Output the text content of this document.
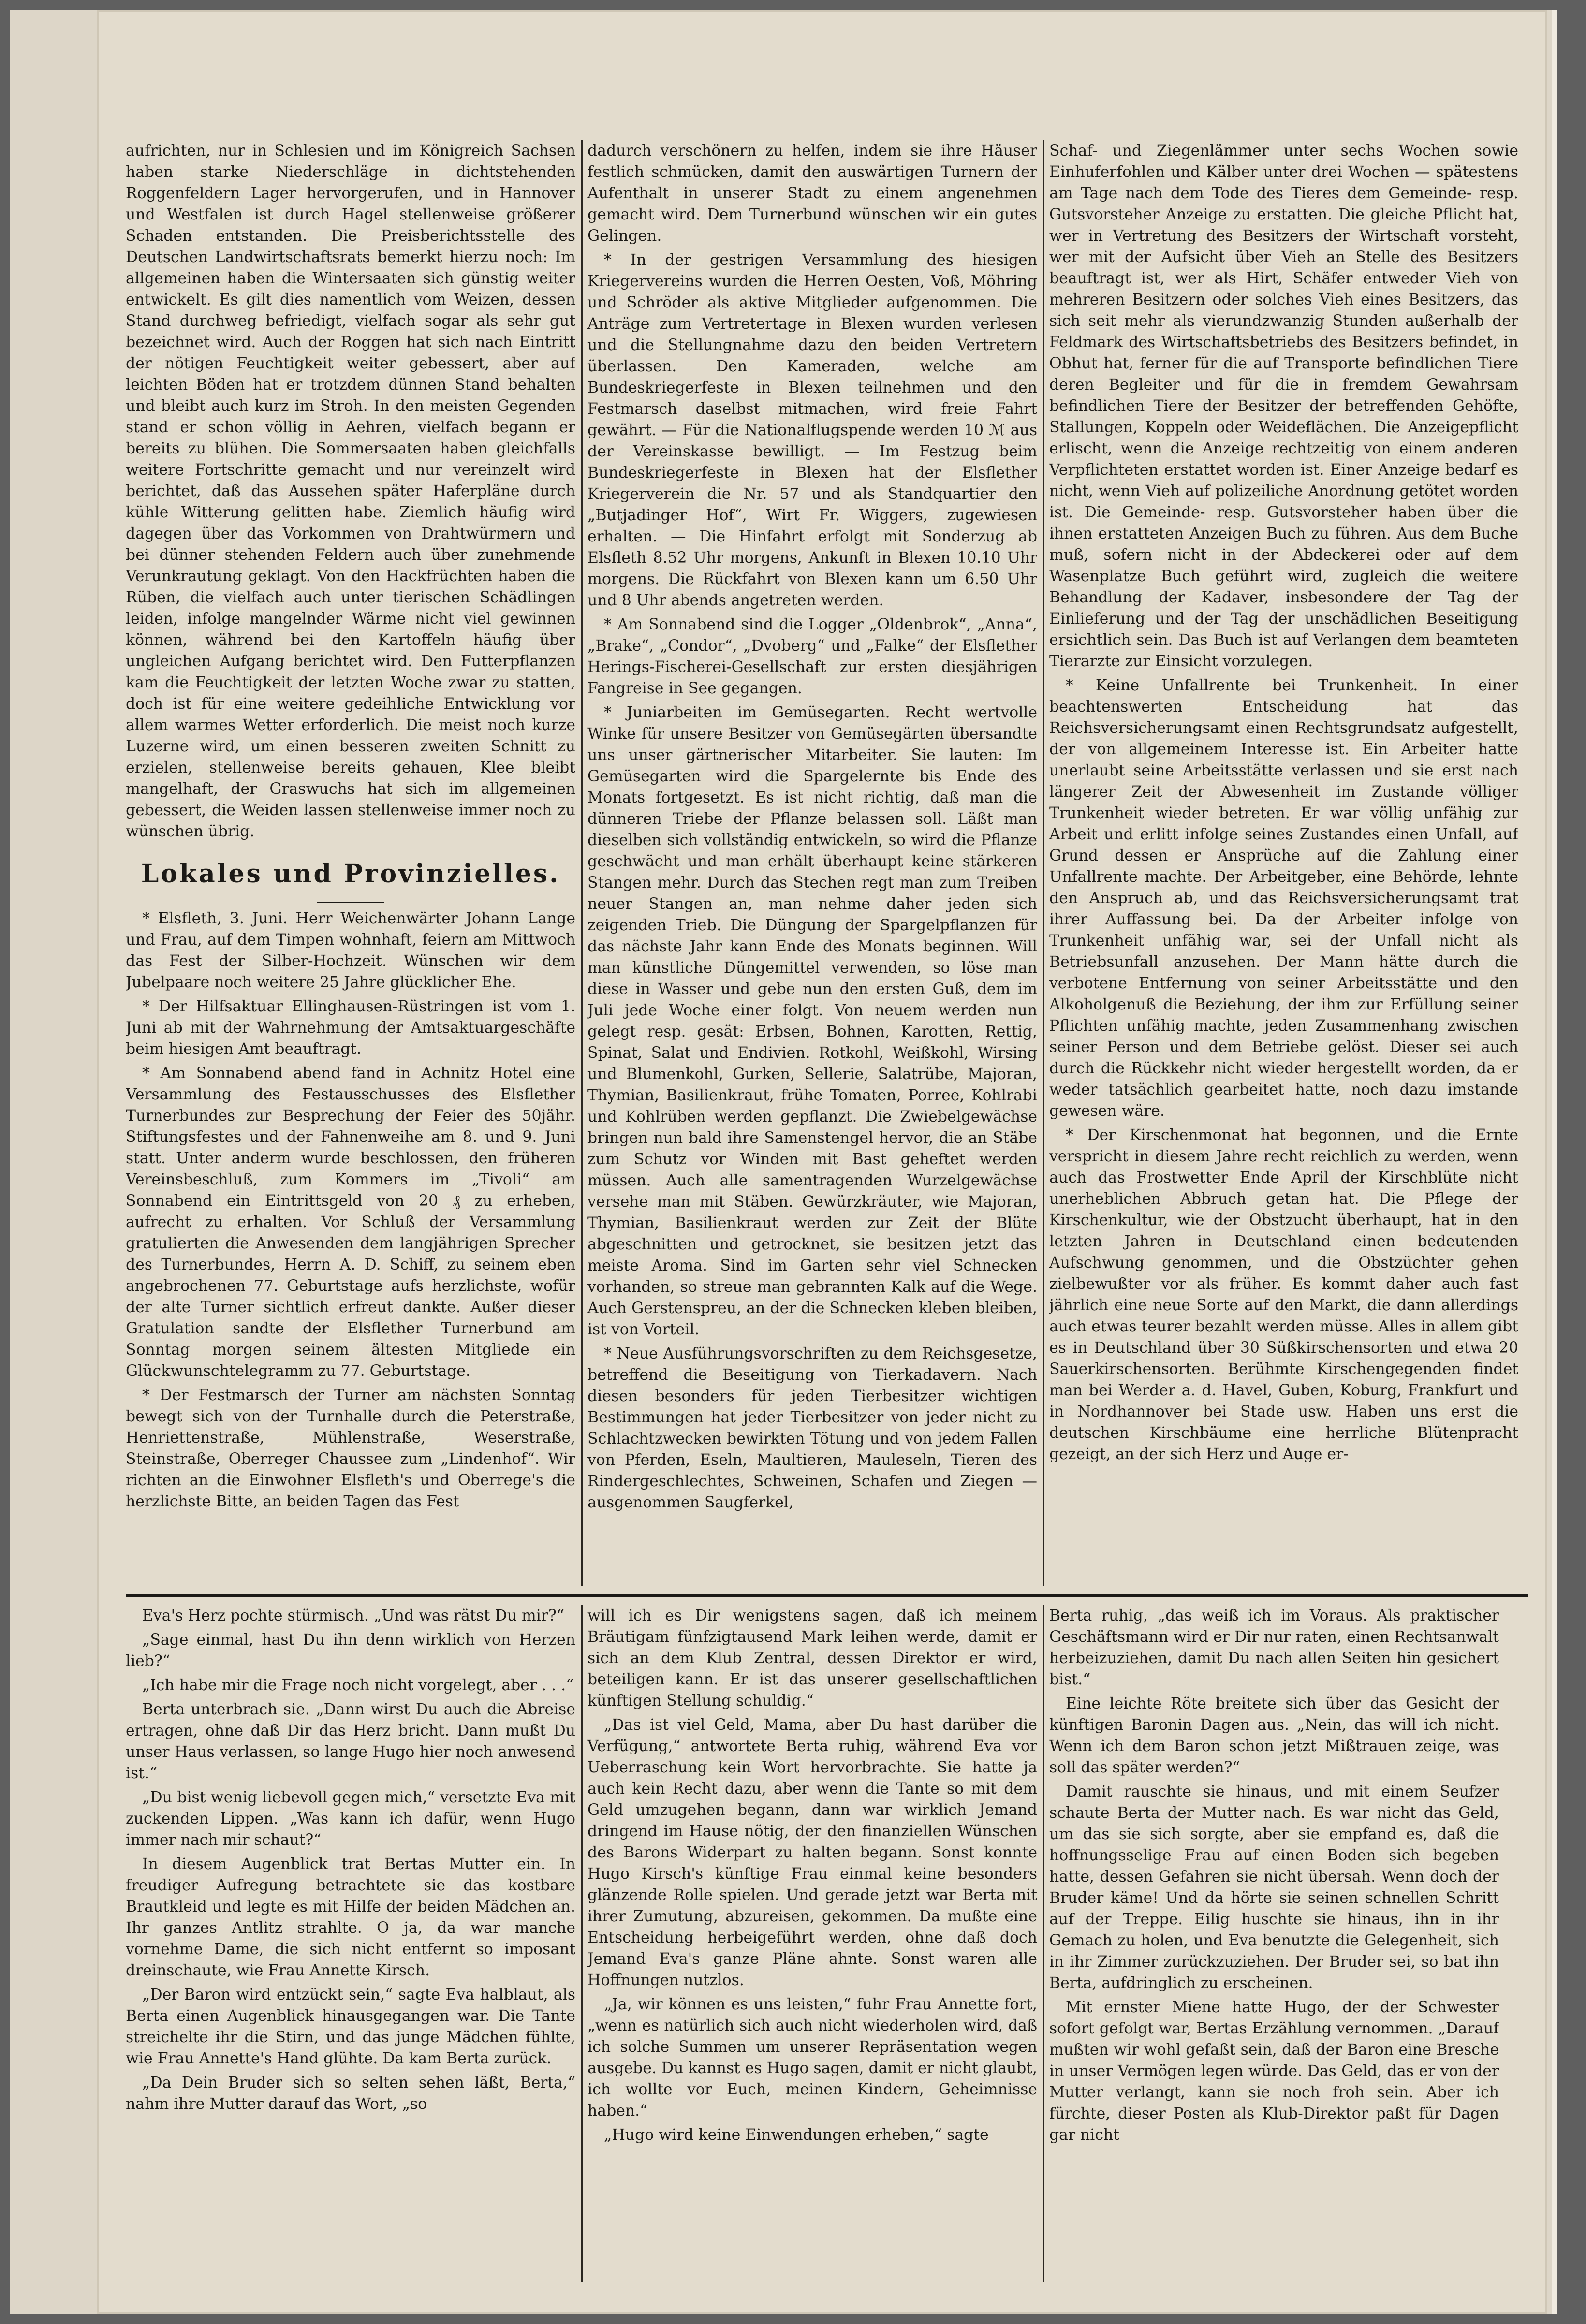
aufrichten, nur in Schlesien und im Königreich Sachsen haben starke Niederschläge in dichtstehenden Roggenfeldern Lager hervorgerufen, und in Hannover und Westfalen ist durch Hagel stellenweise größerer Schaden entstanden. Die Preisberichtsstelle des Deutschen Landwirtschaftsrats bemerkt hierzu noch: Im allgemeinen haben die Wintersaaten sich günstig weiter entwickelt. Es gilt dies namentlich vom Weizen, dessen Stand durchweg befriedigt, vielfach sogar als sehr gut bezeichnet wird. Auch der Roggen hat sich nach Eintritt der nötigen Feuchtigkeit weiter gebessert, aber auf leichten Böden hat er trotzdem dünnen Stand behalten und bleibt auch kurz im Stroh. In den meisten Gegenden stand er schon völlig in Aehren, vielfach begann er bereits zu blühen. Die Sommersaaten haben gleichfalls weitere Fortschritte gemacht und nur vereinzelt wird berichtet, daß das Aussehen später Haferpläne durch kühle Witterung gelitten habe. Ziemlich häufig wird dagegen über das Vorkommen von Drahtwürmern und bei dünner stehenden Feldern auch über zunehmende Verunkrautung geklagt. Von den Hackfrüchten haben die Rüben, die vielfach auch unter tierischen Schädlingen leiden, infolge mangelnder Wärme nicht viel gewinnen können, während bei den Kartoffeln häufig über ungleichen Aufgang berichtet wird. Den Futterpflanzen kam die Feuchtigkeit der letzten Woche zwar zu statten, doch ist für eine weitere gedeihliche Entwicklung vor allem warmes Wetter erforderlich. Die meist noch kurze Luzerne wird, um einen besseren zweiten Schnitt zu erzielen, stellenweise bereits gehauen, Klee bleibt mangelhaft, der Graswuchs hat sich im allgemeinen gebessert, die Weiden lassen stellenweise immer noch zu wünschen übrig.

Lokales und Provinzielles.

* Elsfleth, 3. Juni. Herr Weichenwärter Johann Lange und Frau, auf dem Timpen wohnhaft, feiern am Mittwoch das Fest der Silber-Hochzeit. Wünschen wir dem Jubelpaare noch weitere 25 Jahre glücklicher Ehe.

* Der Hilfsaktuar Ellinghausen-Rüstringen ist vom 1. Juni ab mit der Wahrnehmung der Amtsaktuargeschäfte beim hiesigen Amt beauftragt.

* Am Sonnabend abend fand in Achnitz Hotel eine Versammlung des Festausschusses des Elsflether Turnerbundes zur Besprechung der Feier des 50jähr. Stiftungsfestes und der Fahnenweihe am 8. und 9. Juni statt. Unter anderm wurde beschlossen, den früheren Vereinsbeschluß, zum Kommers im „Tivoli“ am Sonnabend ein Eintrittsgeld von 20 ₰ zu erheben, aufrecht zu erhalten. Vor Schluß der Versammlung gratulierten die Anwesenden dem langjährigen Sprecher des Turnerbundes, Herrn A. D. Schiff, zu seinem eben angebrochenen 77. Geburtstage aufs herzlichste, wofür der alte Turner sichtlich erfreut dankte. Außer dieser Gratulation sandte der Elsflether Turnerbund am Sonntag morgen seinem ältesten Mitgliede ein Glückwunschtelegramm zu 77. Geburtstage.

* Der Festmarsch der Turner am nächsten Sonntag bewegt sich von der Turnhalle durch die Peterstraße, Henriettenstraße, Mühlenstraße, Weserstraße, Steinstraße, Oberreger Chaussee zum „Lindenhof“. Wir richten an die Einwohner Elsfleth's und Oberrege's die herzlichste Bitte, an beiden Tagen das Fest

dadurch verschönern zu helfen, indem sie ihre Häuser festlich schmücken, damit den auswärtigen Turnern der Aufenthalt in unserer Stadt zu einem angenehmen gemacht wird. Dem Turnerbund wünschen wir ein gutes Gelingen.

* In der gestrigen Versammlung des hiesigen Kriegervereins wurden die Herren Oesten, Voß, Möhring und Schröder als aktive Mitglieder aufgenommen. Die Anträge zum Vertretertage in Blexen wurden verlesen und die Stellungnahme dazu den beiden Vertretern überlassen. Den Kameraden, welche am Bundeskriegerfeste in Blexen teilnehmen und den Festmarsch daselbst mitmachen, wird freie Fahrt gewährt. — Für die Nationalflugspende werden 10 ℳ aus der Vereinskasse bewilligt. — Im Festzug beim Bundeskriegerfeste in Blexen hat der Elsflether Kriegerverein die Nr. 57 und als Standquartier den „Butjadinger Hof“, Wirt Fr. Wiggers, zugewiesen erhalten. — Die Hinfahrt erfolgt mit Sonderzug ab Elsfleth 8.52 Uhr morgens, Ankunft in Blexen 10.10 Uhr morgens. Die Rückfahrt von Blexen kann um 6.50 Uhr und 8 Uhr abends angetreten werden.

* Am Sonnabend sind die Logger „Oldenbrok“, „Anna“, „Brake“, „Condor“, „Dvoberg“ und „Falke“ der Elsflether Herings-Fischerei-Gesellschaft zur ersten diesjährigen Fangreise in See gegangen.

* Juniarbeiten im Gemüsegarten. Recht wertvolle Winke für unsere Besitzer von Gemüsegärten übersandte uns unser gärtnerischer Mitarbeiter. Sie lauten: Im Gemüsegarten wird die Spargelernte bis Ende des Monats fortgesetzt. Es ist nicht richtig, daß man die dünneren Triebe der Pflanze belassen soll. Läßt man dieselben sich vollständig entwickeln, so wird die Pflanze geschwächt und man erhält überhaupt keine stärkeren Stangen mehr. Durch das Stechen regt man zum Treiben neuer Stangen an, man nehme daher jeden sich zeigenden Trieb. Die Düngung der Spargelpflanzen für das nächste Jahr kann Ende des Monats beginnen. Will man künstliche Düngemittel verwenden, so löse man diese in Wasser und gebe nun den ersten Guß, dem im Juli jede Woche einer folgt. Von neuem werden nun gelegt resp. gesät: Erbsen, Bohnen, Karotten, Rettig, Spinat, Salat und Endivien. Rotkohl, Weißkohl, Wirsing und Blumenkohl, Gurken, Sellerie, Salatrübe, Majoran, Thymian, Basilienkraut, frühe Tomaten, Porree, Kohlrabi und Kohlrüben werden gepflanzt. Die Zwiebelgewächse bringen nun bald ihre Samenstengel hervor, die an Stäbe zum Schutz vor Winden mit Bast geheftet werden müssen. Auch alle samentragenden Wurzelgewächse versehe man mit Stäben. Gewürzkräuter, wie Majoran, Thymian, Basilienkraut werden zur Zeit der Blüte abgeschnitten und getrocknet, sie besitzen jetzt das meiste Aroma. Sind im Garten sehr viel Schnecken vorhanden, so streue man gebrannten Kalk auf die Wege. Auch Gerstenspreu, an der die Schnecken kleben bleiben, ist von Vorteil.

* Neue Ausführungsvorschriften zu dem Reichsgesetze, betreffend die Beseitigung von Tierkadavern. Nach diesen besonders für jeden Tierbesitzer wichtigen Bestimmungen hat jeder Tierbesitzer von jeder nicht zu Schlachtzwecken bewirkten Tötung und von jedem Fallen von Pferden, Eseln, Maultieren, Mauleseln, Tieren des Rindergeschlechtes, Schweinen, Schafen und Ziegen — ausgenommen Saugferkel,

Schaf- und Ziegenlämmer unter sechs Wochen sowie Einhuferfohlen und Kälber unter drei Wochen — spätestens am Tage nach dem Tode des Tieres dem Gemeinde- resp. Gutsvorsteher Anzeige zu erstatten. Die gleiche Pflicht hat, wer in Vertretung des Besitzers der Wirtschaft vorsteht, wer mit der Aufsicht über Vieh an Stelle des Besitzers beauftragt ist, wer als Hirt, Schäfer entweder Vieh von mehreren Besitzern oder solches Vieh eines Besitzers, das sich seit mehr als vierundzwanzig Stunden außerhalb der Feldmark des Wirtschaftsbetriebs des Besitzers befindet, in Obhut hat, ferner für die auf Transporte befindlichen Tiere deren Begleiter und für die in fremdem Gewahrsam befindlichen Tiere der Besitzer der betreffenden Gehöfte, Stallungen, Koppeln oder Weideflächen. Die Anzeigepflicht erlischt, wenn die Anzeige rechtzeitig von einem anderen Verpflichteten erstattet worden ist. Einer Anzeige bedarf es nicht, wenn Vieh auf polizeiliche Anordnung getötet worden ist. Die Gemeinde- resp. Gutsvorsteher haben über die ihnen erstatteten Anzeigen Buch zu führen. Aus dem Buche muß, sofern nicht in der Abdeckerei oder auf dem Wasenplatze Buch geführt wird, zugleich die weitere Behandlung der Kadaver, insbesondere der Tag der Einlieferung und der Tag der unschädlichen Beseitigung ersichtlich sein. Das Buch ist auf Verlangen dem beamteten Tierarzte zur Einsicht vorzulegen.

* Keine Unfallrente bei Trunkenheit. In einer beachtenswerten Entscheidung hat das Reichsversicherungsamt einen Rechtsgrundsatz aufgestellt, der von allgemeinem Interesse ist. Ein Arbeiter hatte unerlaubt seine Arbeitsstätte verlassen und sie erst nach längerer Zeit der Abwesenheit im Zustande völliger Trunkenheit wieder betreten. Er war völlig unfähig zur Arbeit und erlitt infolge seines Zustandes einen Unfall, auf Grund dessen er Ansprüche auf die Zahlung einer Unfallrente machte. Der Arbeitgeber, eine Behörde, lehnte den Anspruch ab, und das Reichsversicherungsamt trat ihrer Auffassung bei. Da der Arbeiter infolge von Trunkenheit unfähig war, sei der Unfall nicht als Betriebsunfall anzusehen. Der Mann hätte durch die verbotene Entfernung von seiner Arbeitsstätte und den Alkoholgenuß die Beziehung, der ihm zur Erfüllung seiner Pflichten unfähig machte, jeden Zusammenhang zwischen seiner Person und dem Betriebe gelöst. Dieser sei auch durch die Rückkehr nicht wieder hergestellt worden, da er weder tatsächlich gearbeitet hatte, noch dazu imstande gewesen wäre.

* Der Kirschenmonat hat begonnen, und die Ernte verspricht in diesem Jahre recht reichlich zu werden, wenn auch das Frostwetter Ende April der Kirschblüte nicht unerheblichen Abbruch getan hat. Die Pflege der Kirschenkultur, wie der Obstzucht überhaupt, hat in den letzten Jahren in Deutschland einen bedeutenden Aufschwung genommen, und die Obstzüchter gehen zielbewußter vor als früher. Es kommt daher auch fast jährlich eine neue Sorte auf den Markt, die dann allerdings auch etwas teurer bezahlt werden müsse. Alles in allem gibt es in Deutschland über 30 Süßkirschensorten und etwa 20 Sauerkirschensorten. Berühmte Kirschengegenden findet man bei Werder a. d. Havel, Guben, Koburg, Frankfurt und in Nordhannover bei Stade usw. Haben uns erst die deutschen Kirschbäume eine herrliche Blütenpracht gezeigt, an der sich Herz und Auge er-

Eva's Herz pochte stürmisch. „Und was rätst Du mir?“

„Sage einmal, hast Du ihn denn wirklich von Herzen lieb?“

„Ich habe mir die Frage noch nicht vorgelegt, aber . . .“

Berta unterbrach sie. „Dann wirst Du auch die Abreise ertragen, ohne daß Dir das Herz bricht. Dann mußt Du unser Haus verlassen, so lange Hugo hier noch anwesend ist.“

„Du bist wenig liebevoll gegen mich,“ versetzte Eva mit zuckenden Lippen. „Was kann ich dafür, wenn Hugo immer nach mir schaut?“

In diesem Augenblick trat Bertas Mutter ein. In freudiger Aufregung betrachtete sie das kostbare Brautkleid und legte es mit Hilfe der beiden Mädchen an. Ihr ganzes Antlitz strahlte. O ja, da war manche vornehme Dame, die sich nicht entfernt so imposant dreinschaute, wie Frau Annette Kirsch.

„Der Baron wird entzückt sein,“ sagte Eva halblaut, als Berta einen Augenblick hinausgegangen war. Die Tante streichelte ihr die Stirn, und das junge Mädchen fühlte, wie Frau Annette's Hand glühte. Da kam Berta zurück.

„Da Dein Bruder sich so selten sehen läßt, Berta,“ nahm ihre Mutter darauf das Wort, „so

will ich es Dir wenigstens sagen, daß ich meinem Bräutigam fünfzigtausend Mark leihen werde, damit er sich an dem Klub Zentral, dessen Direktor er wird, beteiligen kann. Er ist das unserer gesellschaftlichen künftigen Stellung schuldig.“

„Das ist viel Geld, Mama, aber Du hast darüber die Verfügung,“ antwortete Berta ruhig, während Eva vor Ueberraschung kein Wort hervorbrachte. Sie hatte ja auch kein Recht dazu, aber wenn die Tante so mit dem Geld umzugehen begann, dann war wirklich Jemand dringend im Hause nötig, der den finanziellen Wünschen des Barons Widerpart zu halten begann. Sonst konnte Hugo Kirsch's künftige Frau einmal keine besonders glänzende Rolle spielen. Und gerade jetzt war Berta mit ihrer Zumutung, abzureisen, gekommen. Da mußte eine Entscheidung herbeigeführt werden, ohne daß doch Jemand Eva's ganze Pläne ahnte. Sonst waren alle Hoffnungen nutzlos.

„Ja, wir können es uns leisten,“ fuhr Frau Annette fort, „wenn es natürlich sich auch nicht wiederholen wird, daß ich solche Summen um unserer Repräsentation wegen ausgebe. Du kannst es Hugo sagen, damit er nicht glaubt, ich wollte vor Euch, meinen Kindern, Geheimnisse haben.“

„Hugo wird keine Einwendungen erheben,“ sagte

Berta ruhig, „das weiß ich im Voraus. Als praktischer Geschäftsmann wird er Dir nur raten, einen Rechtsanwalt herbeizuziehen, damit Du nach allen Seiten hin gesichert bist.“

Eine leichte Röte breitete sich über das Gesicht der künftigen Baronin Dagen aus. „Nein, das will ich nicht. Wenn ich dem Baron schon jetzt Mißtrauen zeige, was soll das später werden?“

Damit rauschte sie hinaus, und mit einem Seufzer schaute Berta der Mutter nach. Es war nicht das Geld, um das sie sich sorgte, aber sie empfand es, daß die hoffnungsselige Frau auf einen Boden sich begeben hatte, dessen Gefahren sie nicht übersah. Wenn doch der Bruder käme! Und da hörte sie seinen schnellen Schritt auf der Treppe. Eilig huschte sie hinaus, ihn in ihr Gemach zu holen, und Eva benutzte die Gelegenheit, sich in ihr Zimmer zurückzuziehen. Der Bruder sei, so bat ihn Berta, aufdringlich zu erscheinen.

Mit ernster Miene hatte Hugo, der der Schwester sofort gefolgt war, Bertas Erzählung vernommen. „Darauf mußten wir wohl gefaßt sein, daß der Baron eine Bresche in unser Vermögen legen würde. Das Geld, das er von der Mutter verlangt, kann sie noch froh sein. Aber ich fürchte, dieser Posten als Klub-Direktor paßt für Dagen gar nicht
